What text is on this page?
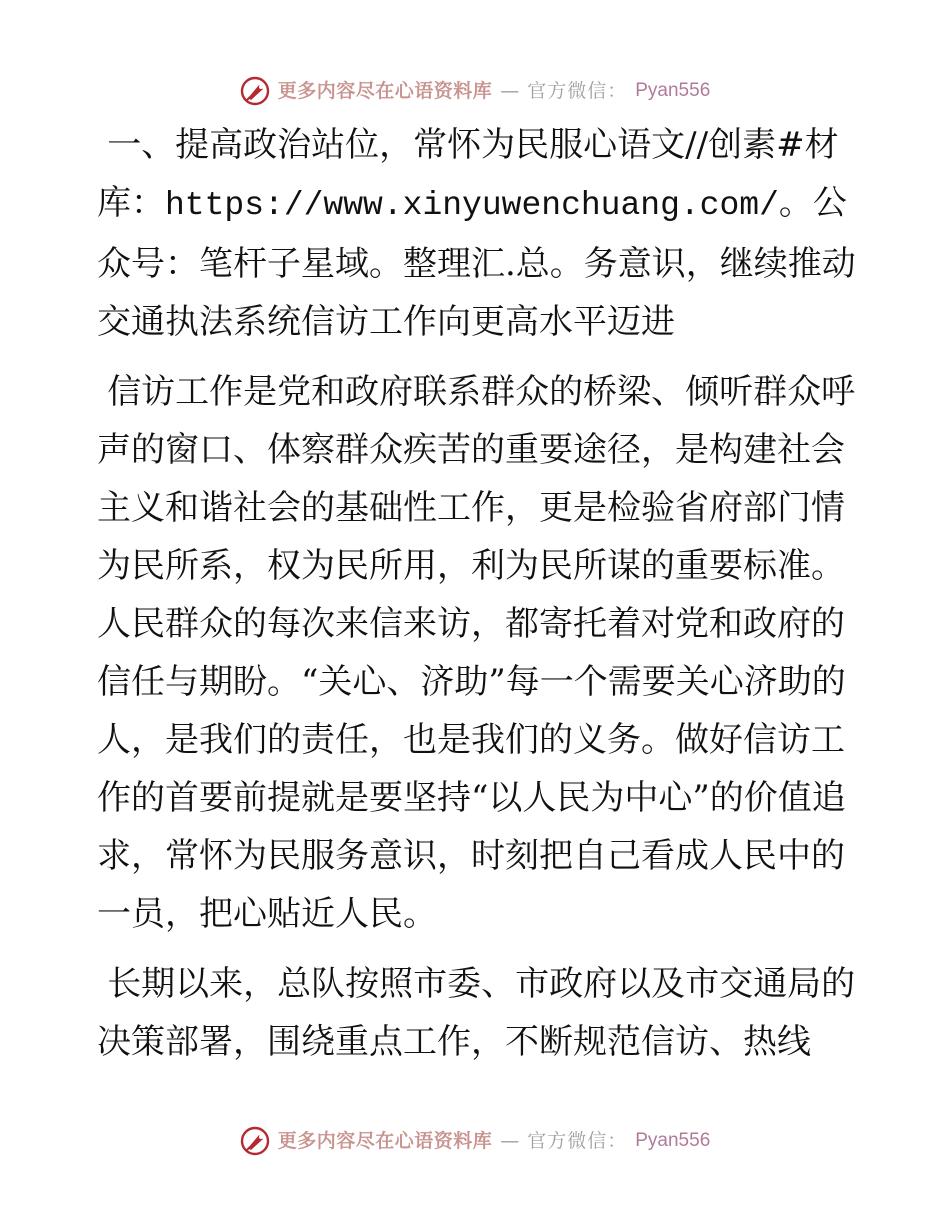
更多内容尽在心语资料库 — 官方微信： Pyan556

一、提高政治站位，常怀为民服心语文//创素#材库：https://www.xinyuwenchuang.com/。公众号：笔杆子星域。整理汇.总。务意识，继续推动交通执法系统信访工作向更高水平迈进

信访工作是党和政府联系群众的桥梁、倾听群众呼声的窗口、体察群众疾苦的重要途径，是构建社会主义和谐社会的基础性工作，更是检验省府部门情为民所系，权为民所用，利为民所谋的重要标准。人民群众的每次来信来访，都寄托着对党和政府的信任与期盼。“关心、济助”每一个需要关心济助的人，是我们的责任，也是我们的义务。做好信访工作的首要前提就是要坚持“以人民为中心”的价值追求，常怀为民服务意识，时刻把自己看成人民中的一员，把心贴近人民。

长期以来，总队按照市委、市政府以及市交通局的决策部署，围绕重点工作，不断规范信访、热线

更多内容尽在心语资料库 — 官方微信： Pyan556
